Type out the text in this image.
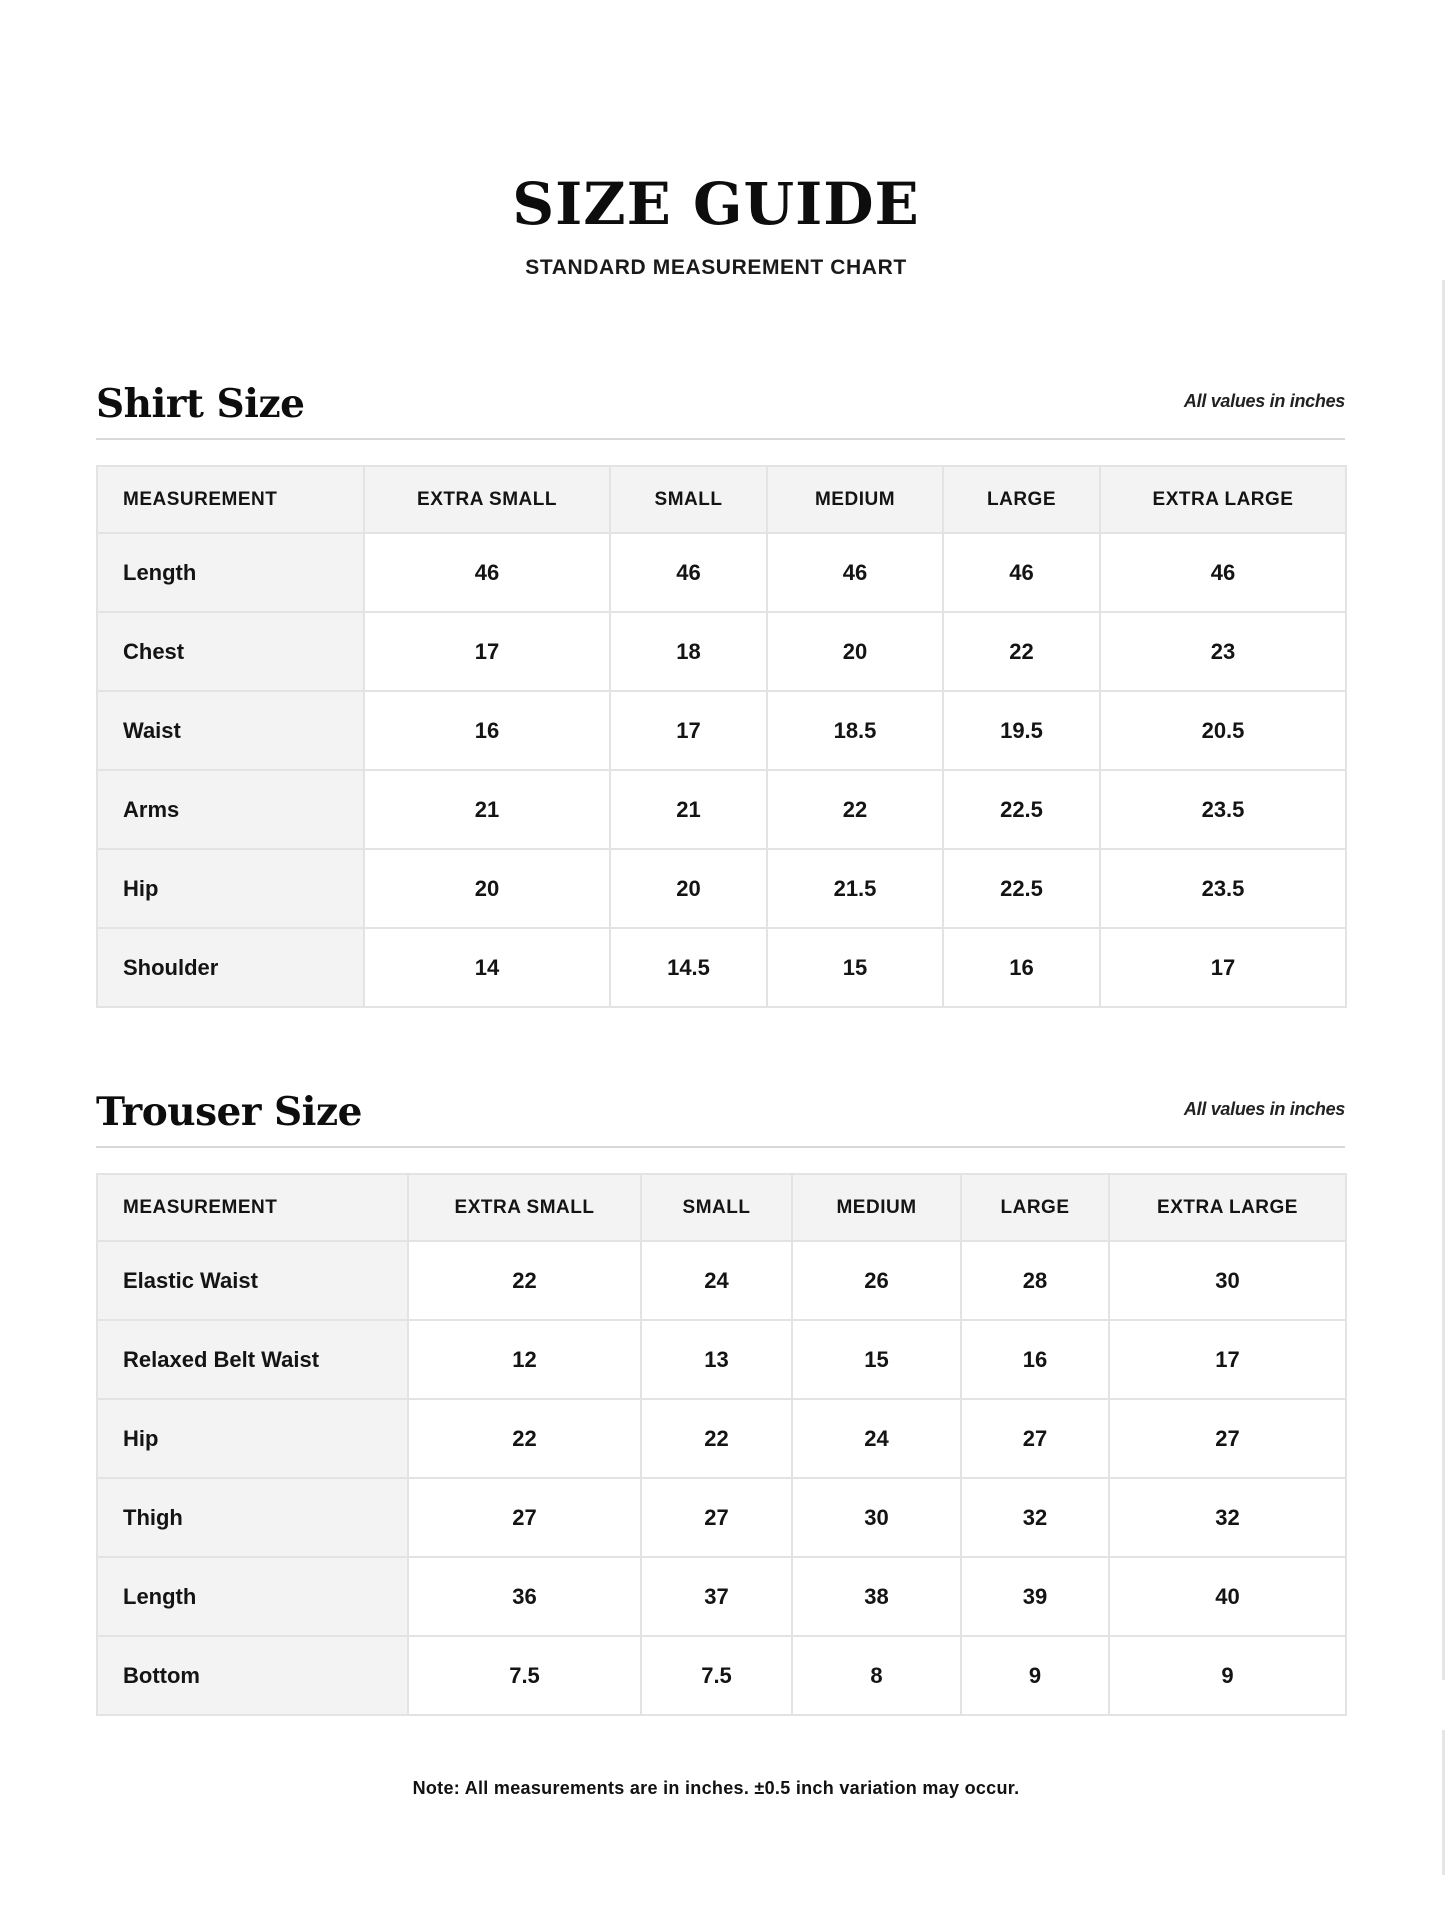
SIZE GUIDE
STANDARD MEASUREMENT CHART
Shirt Size	All values in inches
MEASUREMENT	EXTRA SMALL	SMALL	MEDIUM	LARGE	EXTRA LARGE
Length	46	46	46	46	46
Chest	17	18	20	22	23
Waist	16	17	18.5	19.5	20.5
Arms	21	21	22	22.5	23.5
Hip	20	20	21.5	22.5	23.5
Shoulder	14	14.5	15	16	17
Trouser Size	All values in inches
MEASUREMENT	EXTRA SMALL	SMALL	MEDIUM	LARGE	EXTRA LARGE
Elastic Waist	22	24	26	28	30
Relaxed Belt Waist	12	13	15	16	17
Hip	22	22	24	27	27
Thigh	27	27	30	32	32
Length	36	37	38	39	40
Bottom	7.5	7.5	8	9	9
Note: All measurements are in inches. ±0.5 inch variation may occur.
